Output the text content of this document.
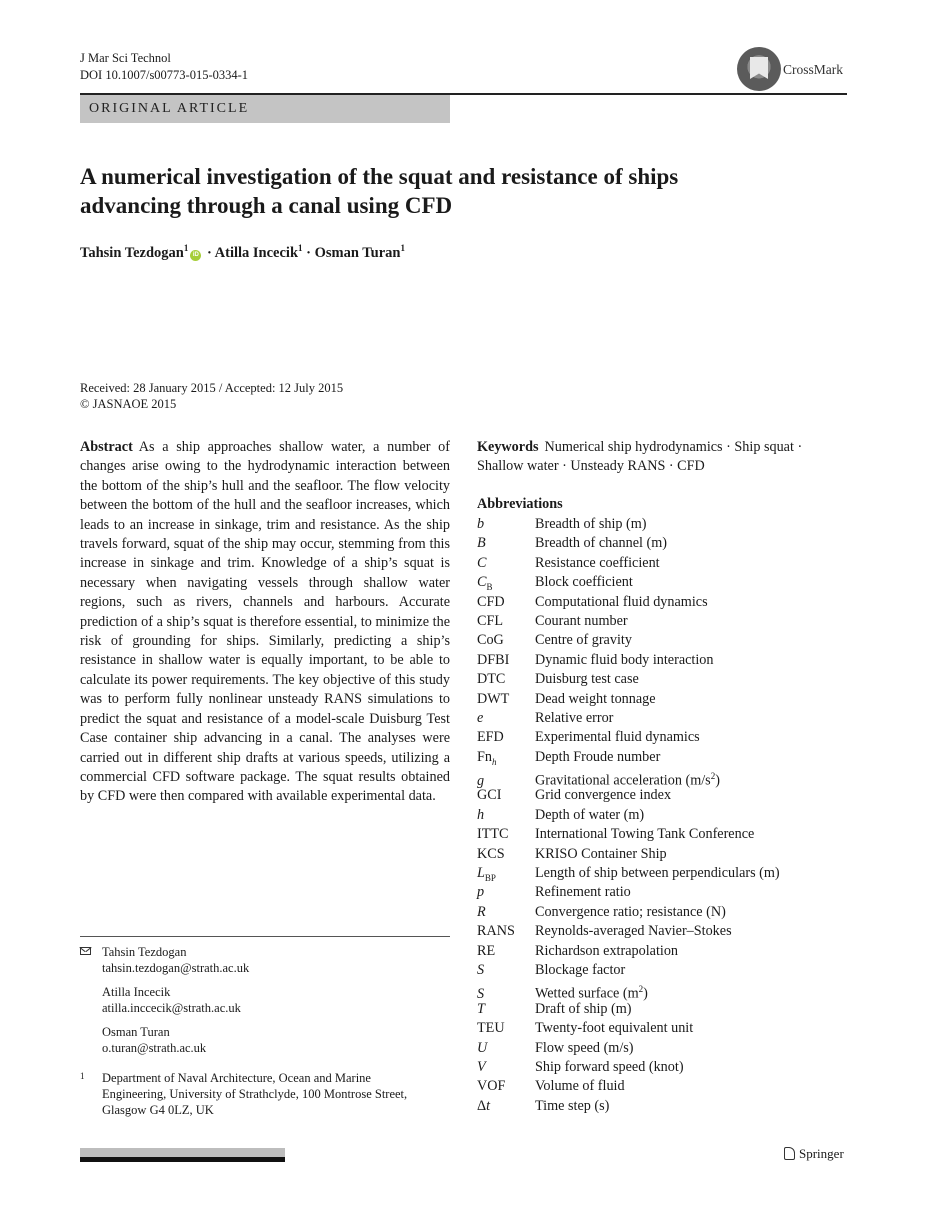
J Mar Sci Technol
DOI 10.1007/s00773-015-0334-1	CrossMark
ORIGINAL ARTICLE
A numerical investigation of the squat and resistance of ships
advancing through a canal using CFD
Tahsin Tezdogan$^1$iD · Atilla Incecik$^1$ · Osman Turan$^1$
Received: 28 January 2015 / Accepted: 12 July 2015
© JASNAOE 2015
Abstract As a ship approaches shallow water, a number of changes arise owing to the hydrodynamic interaction between the bottom of the ship’s hull and the seafloor. The flow velocity between the bottom of the hull and the seafloor increases, which leads to an increase in sinkage, trim and resistance. As the ship travels forward, squat of the ship may occur, stemming from this increase in sinkage and trim. Knowledge of a ship’s squat is necessary when navigating vessels through shallow water regions, such as rivers, channels and harbours. Accurate prediction of a ship’s squat is therefore essential, to minimize the risk of grounding for ships. Similarly, predicting a ship’s resistance in shallow water is equally important, to be able to calculate its power requirements. The key objective of this study was to perform fully nonlinear unsteady RANS simulations to predict the squat and resistance of a model-scale Duisburg Test Case container ship advancing in a canal. The analyses were carried out in different ship drafts at various speeds, utilizing a commercial CFD software package. The squat results obtained by CFD were then compared with available experimental data.
Tahsin Tezdogan
tahsin.tezdogan@strath.ac.uk
Atilla Incecik
atilla.inccecik@strath.ac.uk
Osman Turan
o.turan@strath.ac.uk
1 Department of Naval Architecture, Ocean and Marine
Engineering, University of Strathclyde, 100 Montrose Street,
Glasgow G4 0LZ, UK
Keywords Numerical ship hydrodynamics · Ship squat · Shallow water · Unsteady RANS · CFD
Abbreviations
b	Breadth of ship (m)
B	Breadth of channel (m)
C	Resistance coefficient
$C_B$	Block coefficient
CFD Computational fluid dynamics
CFL Courant number
CoG Centre of gravity
DFBI Dynamic fluid body interaction
DTC Duisburg test case
DWT Dead weight tonnage
e	Relative error
EFD Experimental fluid dynamics
$Fn_h$	Depth Froude number
g	Gravitational acceleration $(m/s^2)$
GCI Grid convergence index
h	Depth of water (m)
ITTC International Towing Tank Conference
KCS KRISO Container Ship
$L_{BP}$	Length of ship between perpendiculars (m)
p	Refinement ratio
R	Convergence ratio; resistance (N)
RANS Reynolds-averaged Navier–Stokes
RE	Richardson extrapolation
S	Blockage factor
S	Wetted surface $(m^2)$
T	Draft of ship (m)
TEU Twenty-foot equivalent unit
U	Flow speed (m/s)
V	Ship forward speed (knot)
VOF Volume of fluid
Δt	Time step (s)
Springer
